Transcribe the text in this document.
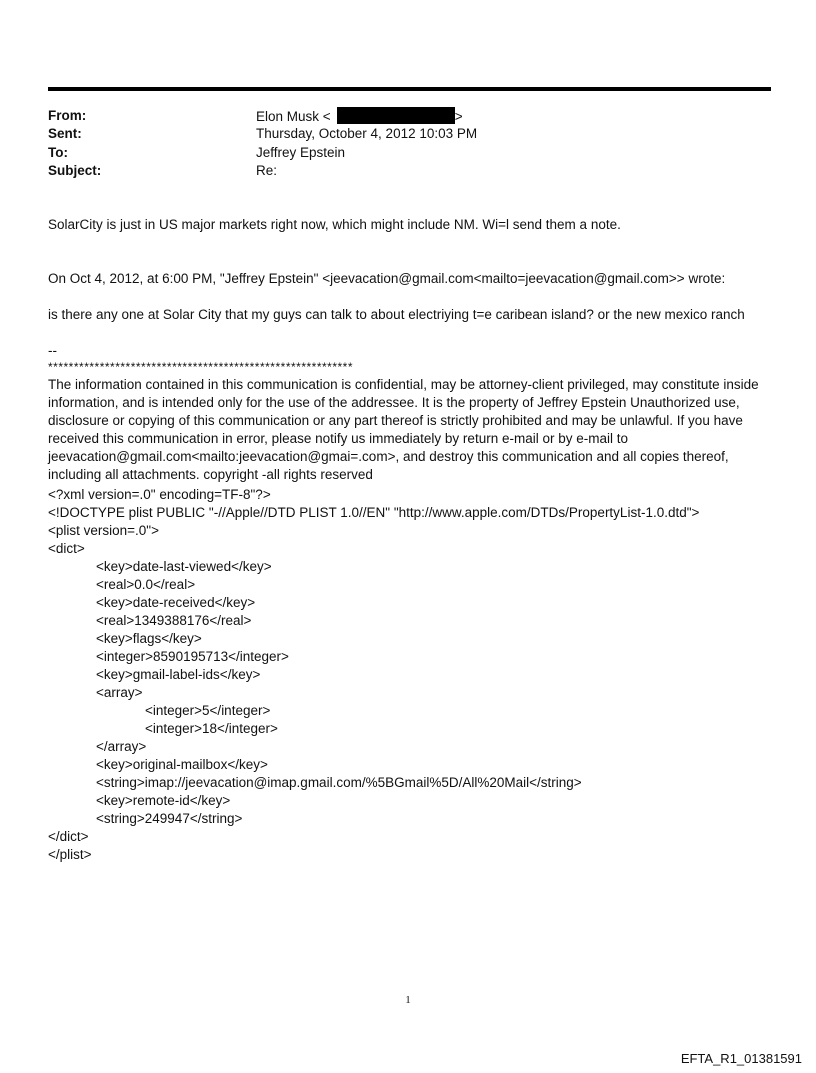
From:	Elon Musk <	>
Sent:	Thursday, October 4, 2012 10:03 PM
To:	Jeffrey Epstein
Subject:	Re:
SolarCity is just in US major markets right now, which might include NM. Wi=l send them a note.
On Oct 4, 2012, at 6:00 PM, "Jeffrey Epstein" <jeevacation@gmail.com<mailto=jeevacation@gmail.com>> wrote:
is there any one at Solar City that my guys can talk to about electriying t=e caribean island? or the new mexico ranch
--
***********************************************************

The information contained in this communication is confidential, may be attorney-client privileged, may constitute inside information, and is intended only for the use of the addressee. It is the property of Jeffrey Epstein Unauthorized use, disclosure or copying of this communication or any part thereof is strictly prohibited and may be unlawful. If you have received this communication in error, please notify us immediately by return e-mail or by e-mail to jeevacation@gmail.com<mailto:jeevacation@gmai=.com>, and destroy this communication and all copies thereof, including all attachments. copyright -all rights reserved

<?xml version=.0" encoding=TF-8"?>
<!DOCTYPE plist PUBLIC "-//Apple//DTD PLIST 1.0//EN" "http://www.apple.com/DTDs/PropertyList-1.0.dtd">
<plist version=.0">
<dict>
<key>date-last-viewed</key>
<real>0.0</real>
<key>date-received</key>
<real>1349388176</real>
<key>flags</key>
<integer>8590195713</integer>
<key>gmail-label-ids</key>
<array>
<integer>5</integer>
<integer>18</integer>
</array>
<key>original-mailbox</key>
<string>imap://jeevacation@imap.gmail.com/%5BGmail%5D/All%20Mail</string>
<key>remote-id</key>
<string>249947</string>
</dict>
</plist>
1
EFTA_R1_01381591
